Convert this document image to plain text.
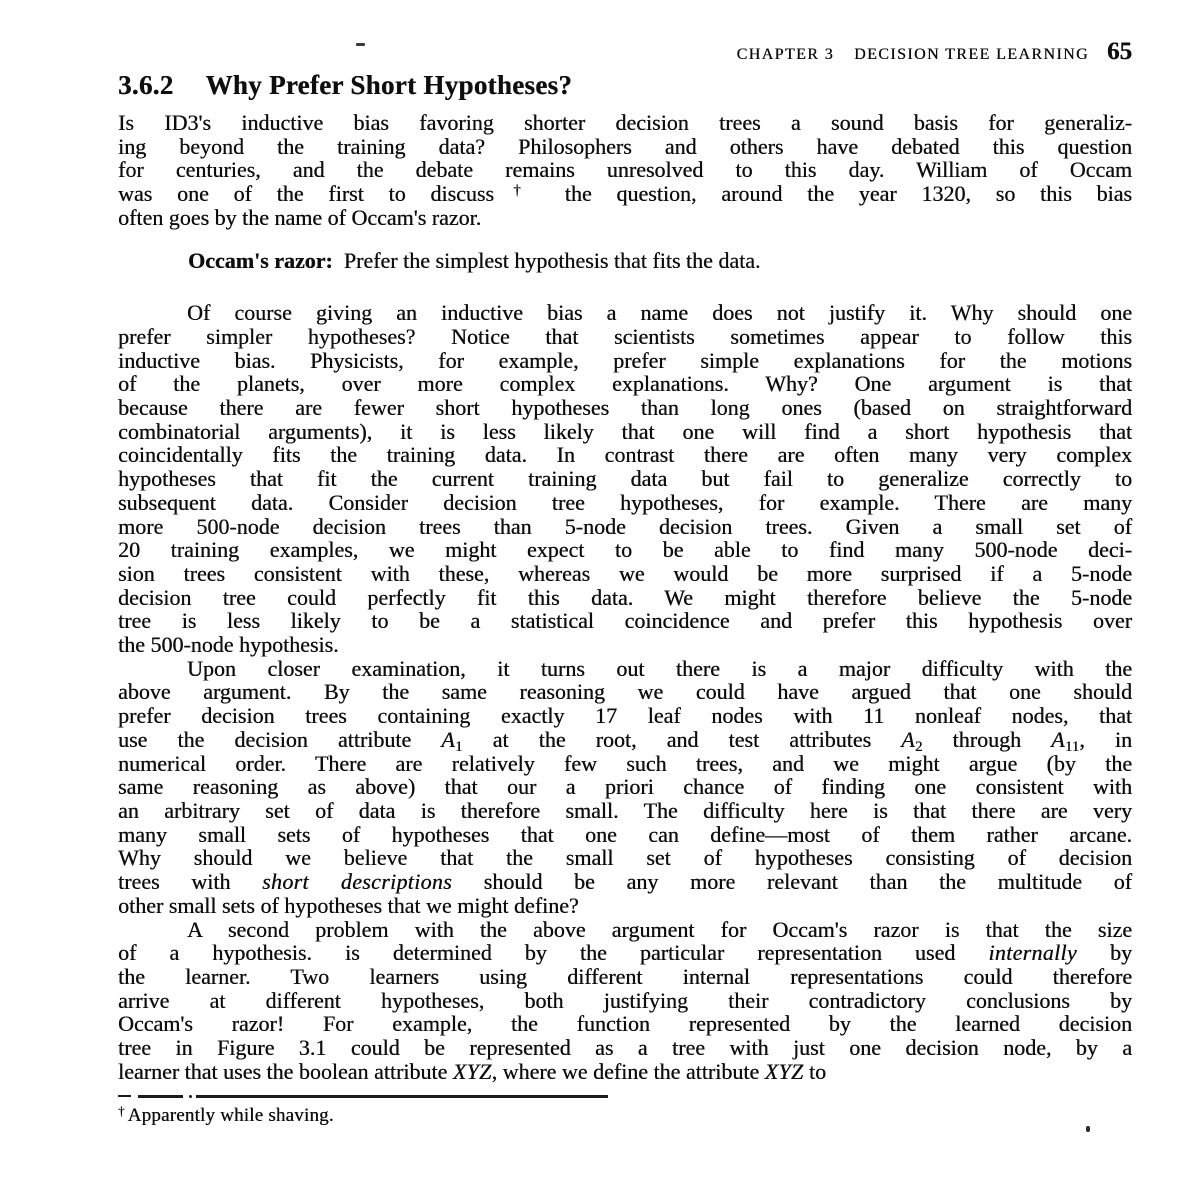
CHAPTER 3 DECISION TREE LEARNING 65
3.6.2 Why Prefer Short Hypotheses?
Is ID3's inductive bias favoring shorter decision trees a sound basis for generaliz-
ing beyond the training data? Philosophers and others have debated this question
for centuries, and the debate remains unresolved to this day. William of Occam
was one of the first to discuss† the question, around the year 1320, so this bias
often goes by the name of Occam's razor.
Occam's razor: Prefer the simplest hypothesis that fits the data.
Of course giving an inductive bias a name does not justify it. Why should one
prefer simpler hypotheses? Notice that scientists sometimes appear to follow this
inductive bias. Physicists, for example, prefer simple explanations for the motions
of the planets, over more complex explanations. Why? One argument is that
because there are fewer short hypotheses than long ones (based on straightforward
combinatorial arguments), it is less likely that one will find a short hypothesis that
coincidentally fits the training data. In contrast there are often many very complex
hypotheses that fit the current training data but fail to generalize correctly to
subsequent data. Consider decision tree hypotheses, for example. There are many
more 500-node decision trees than 5-node decision trees. Given a small set of
20 training examples, we might expect to be able to find many 500-node deci-
sion trees consistent with these, whereas we would be more surprised if a 5-node
decision tree could perfectly fit this data. We might therefore believe the 5-node
tree is less likely to be a statistical coincidence and prefer this hypothesis over
the 500-node hypothesis.
Upon closer examination, it turns out there is a major difficulty with the
above argument. By the same reasoning we could have argued that one should
prefer decision trees containing exactly 17 leaf nodes with 11 nonleaf nodes, that
use the decision attribute $A_1$ at the root, and test attributes $A_2$ through $A_{11}$, in
numerical order. There are relatively few such trees, and we might argue (by the
same reasoning as above) that our a priori chance of finding one consistent with
an arbitrary set of data is therefore small. The difficulty here is that there are very
many small sets of hypotheses that one can define—most of them rather arcane.
Why should we believe that the small set of hypotheses consisting of decision
trees with short descriptions should be any more relevant than the multitude of
other small sets of hypotheses that we might define?
A second problem with the above argument for Occam's razor is that the size
of a hypothesis. is determined by the particular representation used internally by
the learner. Two learners using different internal representations could therefore
arrive at different hypotheses, both justifying their contradictory conclusions by
Occam's razor! For example, the function represented by the learned decision
tree in Figure 3.1 could be represented as a tree with just one decision node, by a
learner that uses the boolean attribute XYZ, where we define the attribute XYZ to
† Apparently while shaving.
